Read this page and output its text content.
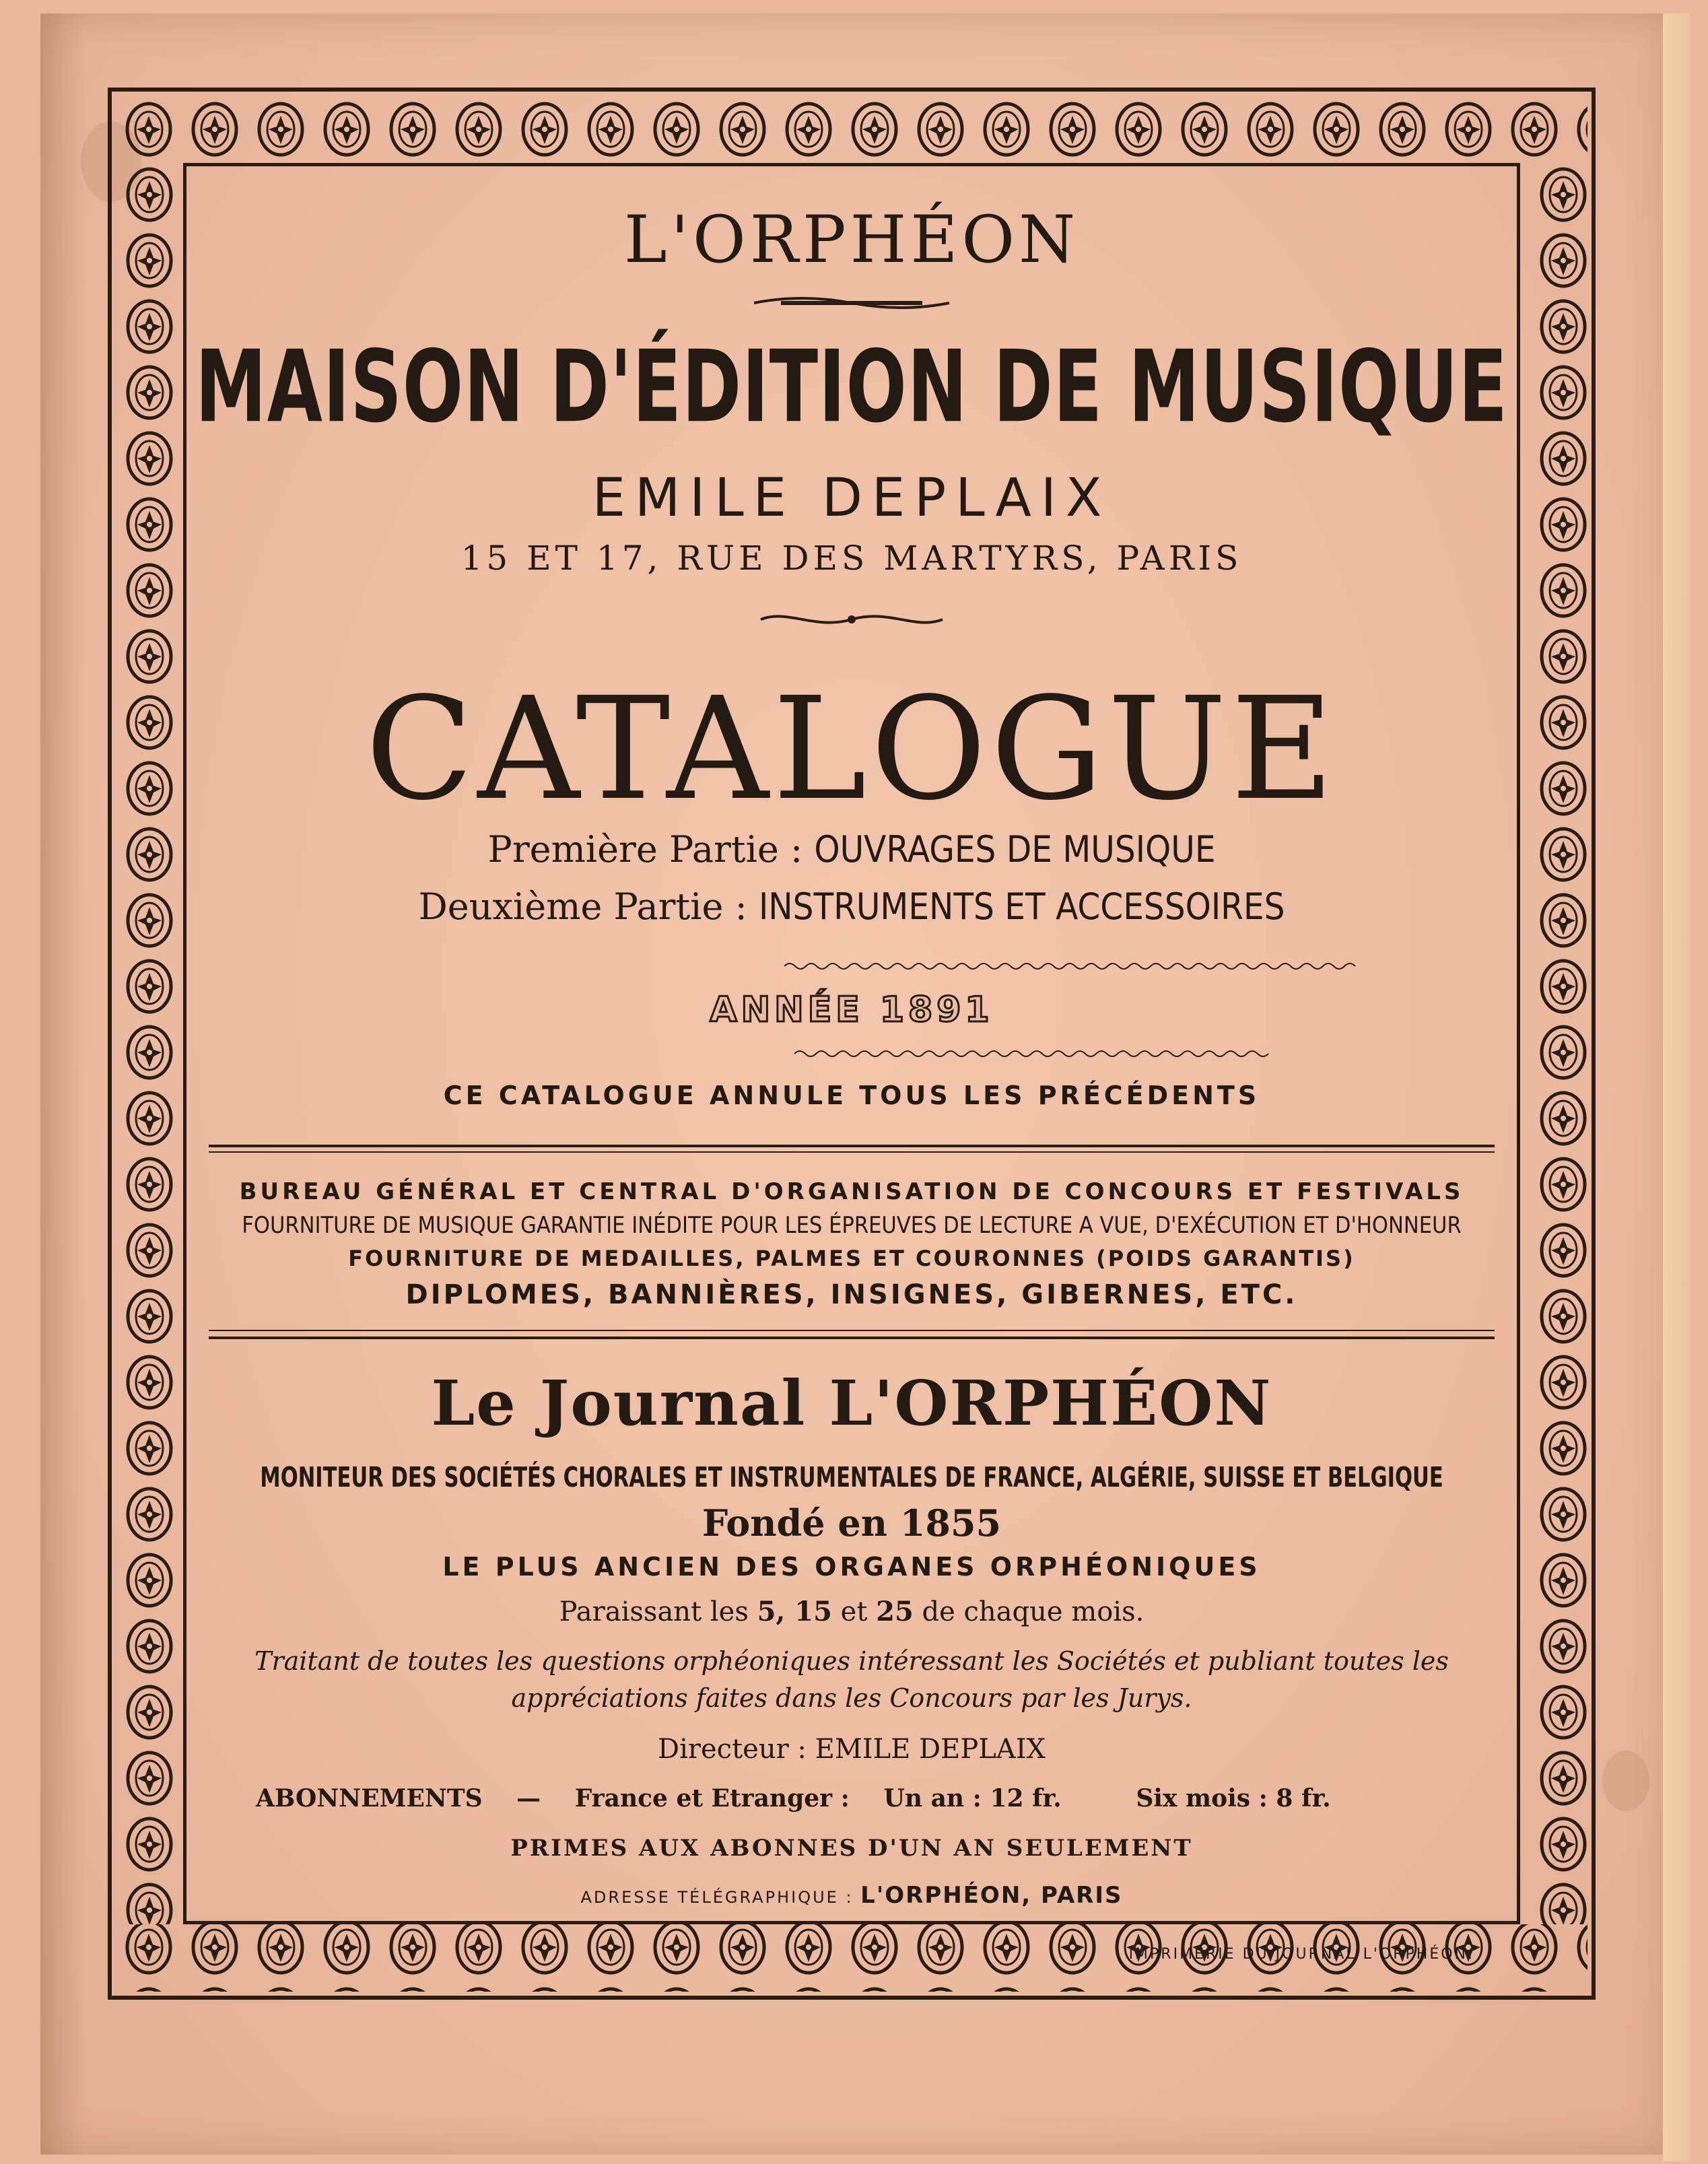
L'ORPHÉON
MAISON D'ÉDITION DE MUSIQUE
EMILE DEPLAIX
15 ET 17, RUE DES MARTYRS, PARIS
CATALOGUE
Première Partie : OUVRAGES DE MUSIQUE
Deuxième Partie : INSTRUMENTS ET ACCESSOIRES
ANNÉE 1891
CE CATALOGUE ANNULE TOUS LES PRÉCÉDENTS
BUREAU GÉNÉRAL ET CENTRAL D'ORGANISATION DE CONCOURS ET FESTIVALS
FOURNITURE DE MUSIQUE GARANTIE INÉDITE POUR LES ÉPREUVES DE LECTURE A VUE, D'EXÉCUTION ET D'HONNEUR
FOURNITURE DE MEDAILLES, PALMES ET COURONNES (POIDS GARANTIS)
DIPLOMES, BANNIÈRES, INSIGNES, GIBERNES, ETC.
Le Journal L'ORPHÉON
MONITEUR DES SOCIÉTÉS CHORALES ET INSTRUMENTALES DE FRANCE, ALGÉRIE, SUISSE ET BELGIQUE
Fondé en 1855
LE PLUS ANCIEN DES ORGANES ORPHÉONIQUES
Paraissant les 5, 15 et 25 de chaque mois.
Traitant de toutes les questions orphéoniques intéressant les Sociétés et publiant toutes les
appréciations faites dans les Concours par les Jurys.
Directeur : EMILE DEPLAIX
ABONNEMENTS — France et Etranger : Un an : 12 fr.	Six mois : 8 fr.
PRIMES AUX ABONNES D'UN AN SEULEMENT
ADRESSE TÉLÉGRAPHIQUE : L'ORPHÉON, PARIS
IMPRIMERIE DU JOURNAL L'ORPHÉON.
